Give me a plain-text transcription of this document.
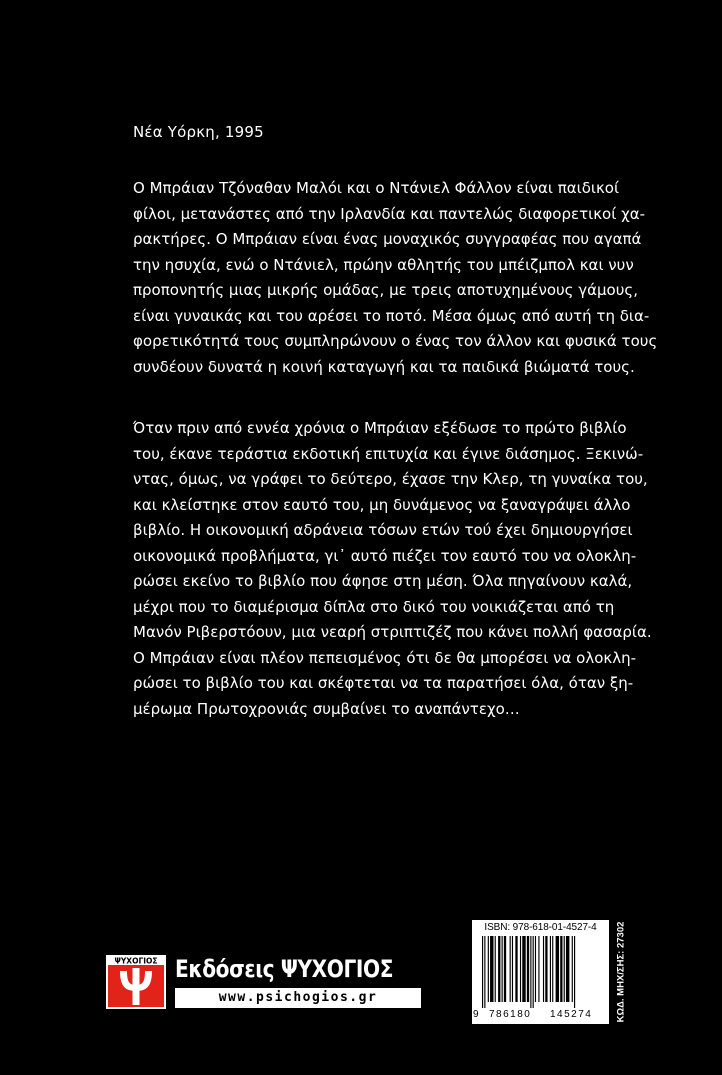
Νέα Υόρκη, 1995

Ο Μπράιαν Τζόναθαν Μαλόι και ο Ντάνιελ Φάλλον είναι παιδικοί
φίλοι, μετανάστες από την Ιρλανδία και παντελώς διαφορετικοί χα-
ρακτήρες. Ο Μπράιαν είναι ένας μοναχικός συγγραφέας που αγαπά
την ησυχία, ενώ ο Ντάνιελ, πρώην αθλητής του μπέιζμπολ και νυν
προπονητής μιας μικρής ομάδας, με τρεις αποτυχημένους γάμους,
είναι γυναικάς και του αρέσει το ποτό. Μέσα όμως από αυτή τη δια-
φορετικότητά τους συμπληρώνουν ο ένας τον άλλον και φυσικά τους
συνδέουν δυνατά η κοινή καταγωγή και τα παιδικά βιώματά τους.

Όταν πριν από εννέα χρόνια ο Μπράιαν εξέδωσε το πρώτο βιβλίο
του, έκανε τεράστια εκδοτική επιτυχία και έγινε διάσημος. Ξεκινώ-
ντας, όμως, να γράφει το δεύτερο, έχασε την Κλερ, τη γυναίκα του,
και κλείστηκε στον εαυτό του, μη δυνάμενος να ξαναγράψει άλλο
βιβλίο. Η οικονομική αδράνεια τόσων ετών τού έχει δημιουργήσει
οικονομικά προβλήματα, γι᾽ αυτό πιέζει τον εαυτό του να ολοκλη-
ρώσει εκείνο το βιβλίο που άφησε στη μέση. Όλα πηγαίνουν καλά,
μέχρι που το διαμέρισμα δίπλα στο δικό του νοικιάζεται από τη
Μανόν Ριβερστόουν, μια νεαρή στριπτιζέζ που κάνει πολλή φασαρία.
Ο Μπράιαν είναι πλέον πεπεισμένος ότι δε θα μπορέσει να ολοκλη-
ρώσει το βιβλίο του και σκέφτεται να τα παρατήσει όλα, όταν ξη-
μέρωμα Πρωτοχρονιάς συμβαίνει το αναπάντεχο…

ΨΥΧΟΓΙΟΣ Εκδόσεις ΨΥΧΟΓΙΟΣ
www.psichogios.gr
ISBN: 978-618-01-4527-4
9 786180 145274 ΚΩΔ. ΜΗΧ/ΣΗΣ: 27302
